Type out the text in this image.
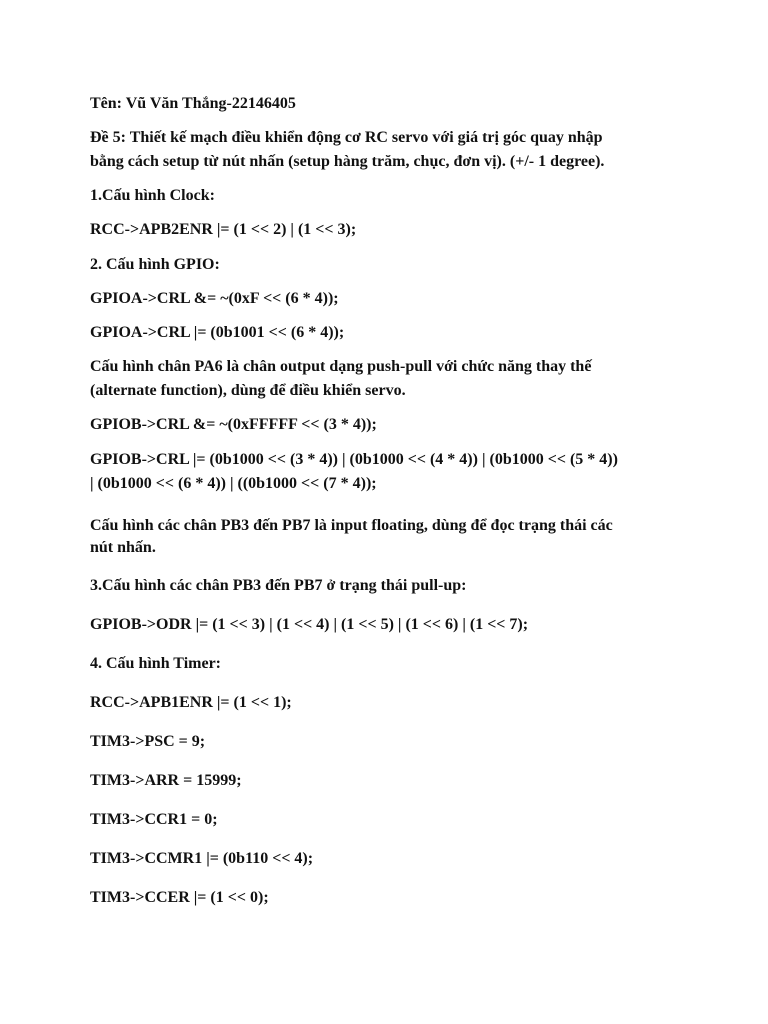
Tên: Vũ Văn Thắng-22146405

Đề 5: Thiết kế mạch điều khiển động cơ RC servo với giá trị góc quay nhập

bằng cách setup từ nút nhấn (setup hàng trăm, chục, đơn vị). (+/- 1 degree).

1.Cấu hình Clock:

RCC->APB2ENR |= (1 << 2) | (1 << 3);

2. Cấu hình GPIO:

GPIOA->CRL &= ~(0xF << (6 * 4));

GPIOA->CRL |= (0b1001 << (6 * 4));

Cấu hình chân PA6 là chân output dạng push-pull với chức năng thay thế

(alternate function), dùng để điều khiển servo.

GPIOB->CRL &= ~(0xFFFFF << (3 * 4));

GPIOB->CRL |= (0b1000 << (3 * 4)) | (0b1000 << (4 * 4)) | (0b1000 << (5 * 4))

| (0b1000 << (6 * 4)) | ((0b1000 << (7 * 4));

Cấu hình các chân PB3 đến PB7 là input floating, dùng để đọc trạng thái các

nút nhấn.

3.Cấu hình các chân PB3 đến PB7 ở trạng thái pull-up:

GPIOB->ODR |= (1 << 3) | (1 << 4) | (1 << 5) | (1 << 6) | (1 << 7);

4. Cấu hình Timer:

RCC->APB1ENR |= (1 << 1);

TIM3->PSC = 9;

TIM3->ARR = 15999;

TIM3->CCR1 = 0;

TIM3->CCMR1 |= (0b110 << 4);

TIM3->CCER |= (1 << 0);
